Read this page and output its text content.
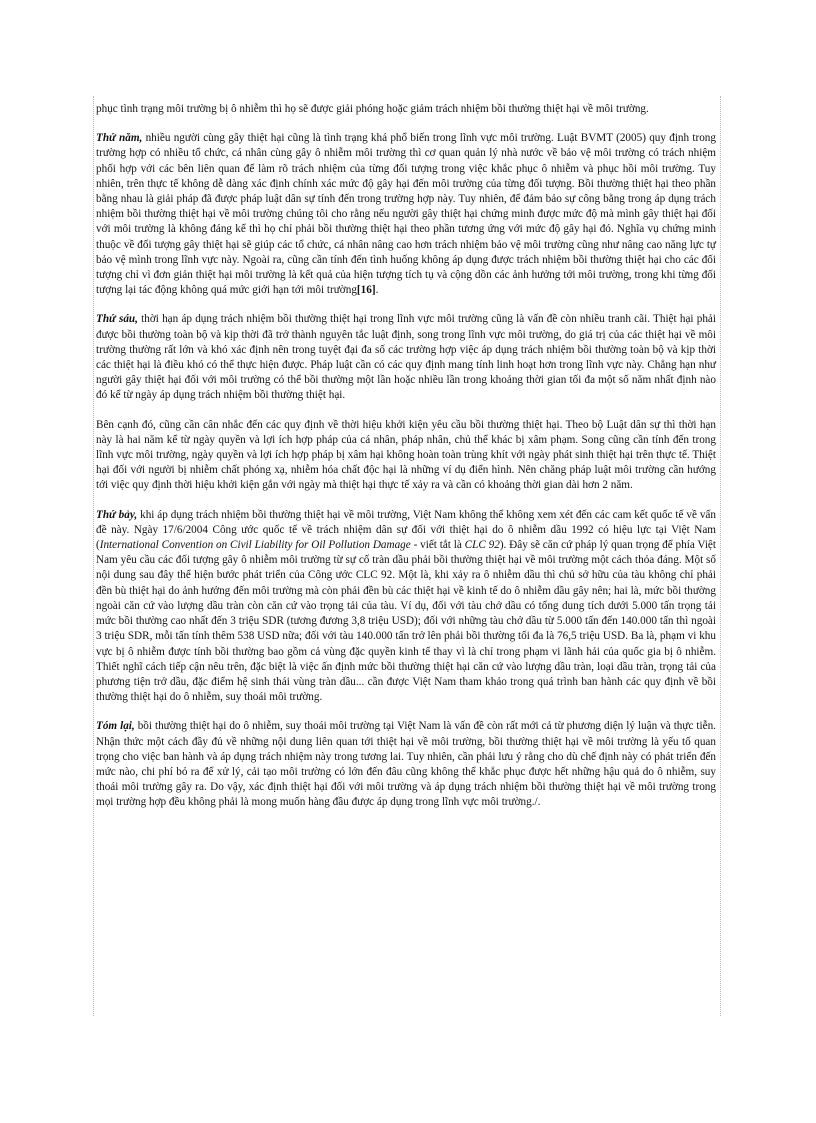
phục tình trạng môi trường bị ô nhiễm thì họ sẽ được giải phóng hoặc giảm trách nhiệm bồi thường thiệt hại về môi trường.

Thứ năm, nhiều người cùng gây thiệt hại cũng là tình trạng khá phổ biến trong lĩnh vực môi trường. Luật BVMT (2005) quy định trong trường hợp có nhiều tổ chức, cá nhân cùng gây ô nhiễm môi trường thì cơ quan quản lý nhà nước về bảo vệ môi trường có trách nhiệm phối hợp với các bên liên quan để làm rõ trách nhiệm của từng đối tượng trong việc khắc phục ô nhiễm và phục hồi môi trường. Tuy nhiên, trên thực tế không dễ dàng xác định chính xác mức độ gây hại đến môi trường của từng đối tượng. Bồi thường thiệt hại theo phần bằng nhau là giải pháp đã được pháp luật dân sự tính đến trong trường hợp này. Tuy nhiên, để đảm bảo sự công bằng trong áp dụng trách nhiệm bồi thường thiệt hại về môi trường chúng tôi cho rằng nếu người gây thiệt hại chứng minh được mức độ mà mình gây thiệt hại đối với môi trường là không đáng kể thì họ chỉ phải bồi thường thiệt hại theo phần tương ứng với mức độ gây hại đó. Nghĩa vụ chứng minh thuộc về đối tượng gây thiệt hại sẽ giúp các tổ chức, cá nhân nâng cao hơn trách nhiệm bảo vệ môi trường cũng như nâng cao năng lực tự bảo vệ mình trong lĩnh vực này. Ngoài ra, cũng cần tính đến tình huống không áp dụng được trách nhiệm bồi thường thiệt hại cho các đối tượng chỉ vì đơn giản thiệt hại môi trường là kết quả của hiện tượng tích tụ và cộng dồn các ảnh hưởng tới môi trường, trong khi từng đối tượng lại tác động không quá mức giới hạn tới môi trường[16].

Thứ sáu, thời hạn áp dụng trách nhiệm bồi thường thiệt hại trong lĩnh vực môi trường cũng là vấn đề còn nhiều tranh cãi. Thiệt hại phải được bồi thường toàn bộ và kịp thời đã trở thành nguyên tắc luật định, song trong lĩnh vực môi trường, do giá trị của các thiệt hại về môi trường thường rất lớn và khó xác định nên trong tuyệt đại đa số các trường hợp việc áp dụng trách nhiệm bồi thường toàn bộ và kịp thời các thiệt hại là điều khó có thể thực hiện được. Pháp luật cần có các quy định mang tính linh hoạt hơn trong lĩnh vực này. Chẳng hạn như người gây thiệt hại đối với môi trường có thể bồi thường một lần hoặc nhiều lần trong khoảng thời gian tối đa một số năm nhất định nào đó kể từ ngày áp dụng trách nhiệm bồi thường thiệt hại.

Bên cạnh đó, cũng cần cân nhắc đến các quy định về thời hiệu khởi kiện yêu cầu bồi thường thiệt hại. Theo bộ Luật dân sự thì thời hạn này là hai năm kể từ ngày quyền và lợi ích hợp pháp của cá nhân, pháp nhân, chủ thể khác bị xâm phạm. Song cũng cần tính đến trong lĩnh vực môi trường, ngày quyền và lợi ích hợp pháp bị xâm hại không hoàn toàn trùng khít với ngày phát sinh thiệt hại trên thực tế. Thiệt hại đối với người bị nhiễm chất phóng xạ, nhiễm hóa chất độc hại là những ví dụ điển hình. Nên chăng pháp luật môi trường cần hướng tới việc quy định thời hiệu khởi kiện gắn với ngày mà thiệt hại thực tế xảy ra và cần có khoảng thời gian dài hơn 2 năm.

Thứ bảy, khi áp dụng trách nhiệm bồi thường thiệt hại về môi trường, Việt Nam không thể không xem xét đến các cam kết quốc tế về vấn đề này. Ngày 17/6/2004 Công ước quốc tế về trách nhiệm dân sự đối với thiệt hại do ô nhiễm dầu 1992 có hiệu lực tại Việt Nam (International Convention on Civil Liability for Oil Pollution Damage - viết tắt là CLC 92). Đây sẽ căn cứ pháp lý quan trọng để phía Việt Nam yêu cầu các đối tượng gây ô nhiễm môi trường từ sự cố tràn dầu phải bồi thường thiệt hại về môi trường một cách thỏa đáng. Một số nội dung sau đây thể hiện bước phát triển của Công ước CLC 92. Một là, khi xảy ra ô nhiễm dầu thì chủ sở hữu của tàu không chỉ phải đền bù thiệt hại do ảnh hưởng đến môi trường mà còn phải đền bù các thiệt hại về kinh tế do ô nhiễm dầu gây nên; hai là, mức bồi thường ngoài căn cứ vào lượng dầu tràn còn căn cứ vào trọng tải của tàu. Ví dụ, đối với tàu chở dầu có tổng dung tích dưới 5.000 tấn trọng tải mức bồi thường cao nhất đến 3 triệu SDR (tương đương 3,8 triệu USD); đối với những tàu chở dầu từ 5.000 tấn đến 140.000 tấn thì ngoài 3 triệu SDR, mỗi tấn tính thêm 538 USD nữa; đối với tàu 140.000 tấn trở lên phải bồi thường tối đa là 76,5 triệu USD. Ba là, phạm vi khu vực bị ô nhiễm được tính bồi thường bao gồm cả vùng đặc quyền kinh tế thay vì là chỉ trong phạm vi lãnh hải của quốc gia bị ô nhiễm. Thiết nghĩ cách tiếp cận nêu trên, đặc biệt là việc ấn định mức bồi thường thiệt hại căn cứ vào lượng dầu tràn, loại dầu tràn, trọng tải của phương tiện trở dầu, đặc điểm hệ sinh thái vùng tràn dầu... cần được Việt Nam tham khảo trong quá trình ban hành các quy định về bồi thường thiệt hại do ô nhiễm, suy thoái môi trường.

Tóm lại, bồi thường thiệt hại do ô nhiễm, suy thoái môi trường tại Việt Nam là vấn đề còn rất mới cả từ phương diện lý luận và thực tiễn. Nhận thức một cách đầy đủ về những nội dung liên quan tới thiệt hại về môi trường, bồi thường thiệt hại về môi trường là yếu tố quan trọng cho việc ban hành và áp dụng trách nhiệm này trong tương lai. Tuy nhiên, cần phải lưu ý rằng cho dù chế định này có phát triển đến mức nào, chi phí bỏ ra để xử lý, cải tạo môi trường có lớn đến đâu cũng không thể khắc phục được hết những hậu quả do ô nhiễm, suy thoái môi trường gây ra. Do vậy, xác định thiệt hại đối với môi trường và áp dụng trách nhiệm bồi thường thiệt hại về môi trường trong mọi trường hợp đều không phải là mong muốn hàng đầu được áp dụng trong lĩnh vực môi trường./.
